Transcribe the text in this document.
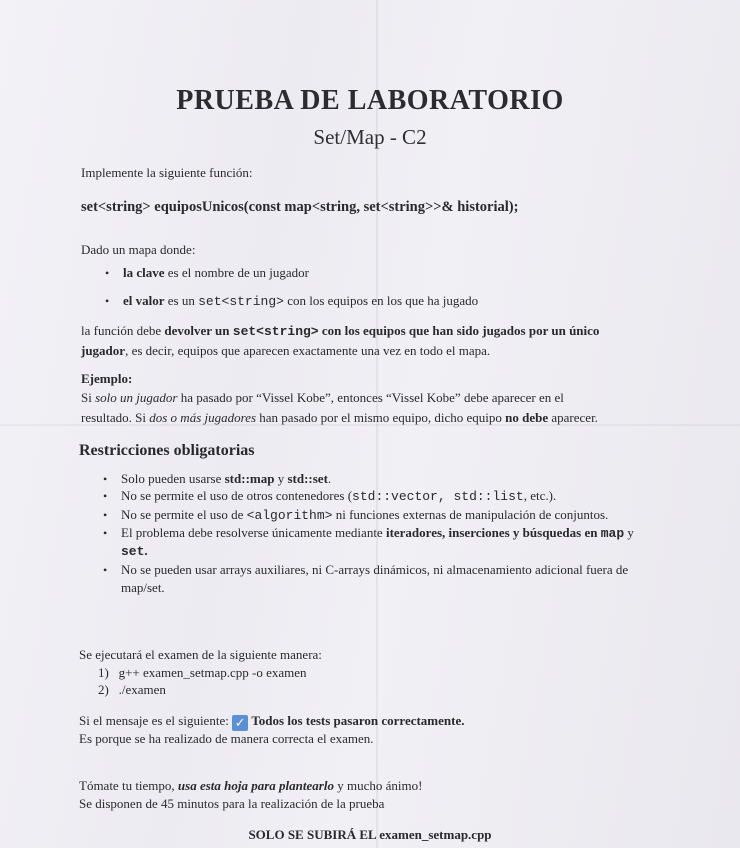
PRUEBA DE LABORATORIO
Set/Map - C2
Implemente la siguiente función:
set<string> equiposUnicos(const map<string, set<string>>& historial);
Dado un mapa donde:
• la clave es el nombre de un jugador
• el valor es un set<string> con los equipos en los que ha jugado
la función debe devolver un set<string> con los equipos que han sido jugados por un único
jugador, es decir, equipos que aparecen exactamente una vez en todo el mapa.
Ejemplo:
Si solo un jugador ha pasado por “Vissel Kobe”, entonces “Vissel Kobe” debe aparecer en el
resultado. Si dos o más jugadores han pasado por el mismo equipo, dicho equipo no debe aparecer.
Restricciones obligatorias
• Solo pueden usarse std::map y std::set.
• No se permite el uso de otros contenedores (std::vector, std::list, etc.).
• No se permite el uso de <algorithm> ni funciones externas de manipulación de conjuntos.
• El problema debe resolverse únicamente mediante iteradores, inserciones y búsquedas en map y
set.
• No se pueden usar arrays auxiliares, ni C-arrays dinámicos, ni almacenamiento adicional fuera de
map/set.
Se ejecutará el examen de la siguiente manera:
1) g++ examen_setmap.cpp -o examen
2) ./examen
Si el mensaje es el siguiente: ✓ Todos los tests pasaron correctamente.
Es porque se ha realizado de manera correcta el examen.
Tómate tu tiempo, usa esta hoja para plantearlo y mucho ánimo!
Se disponen de 45 minutos para la realización de la prueba
SOLO SE SUBIRÁ EL examen_setmap.cpp
